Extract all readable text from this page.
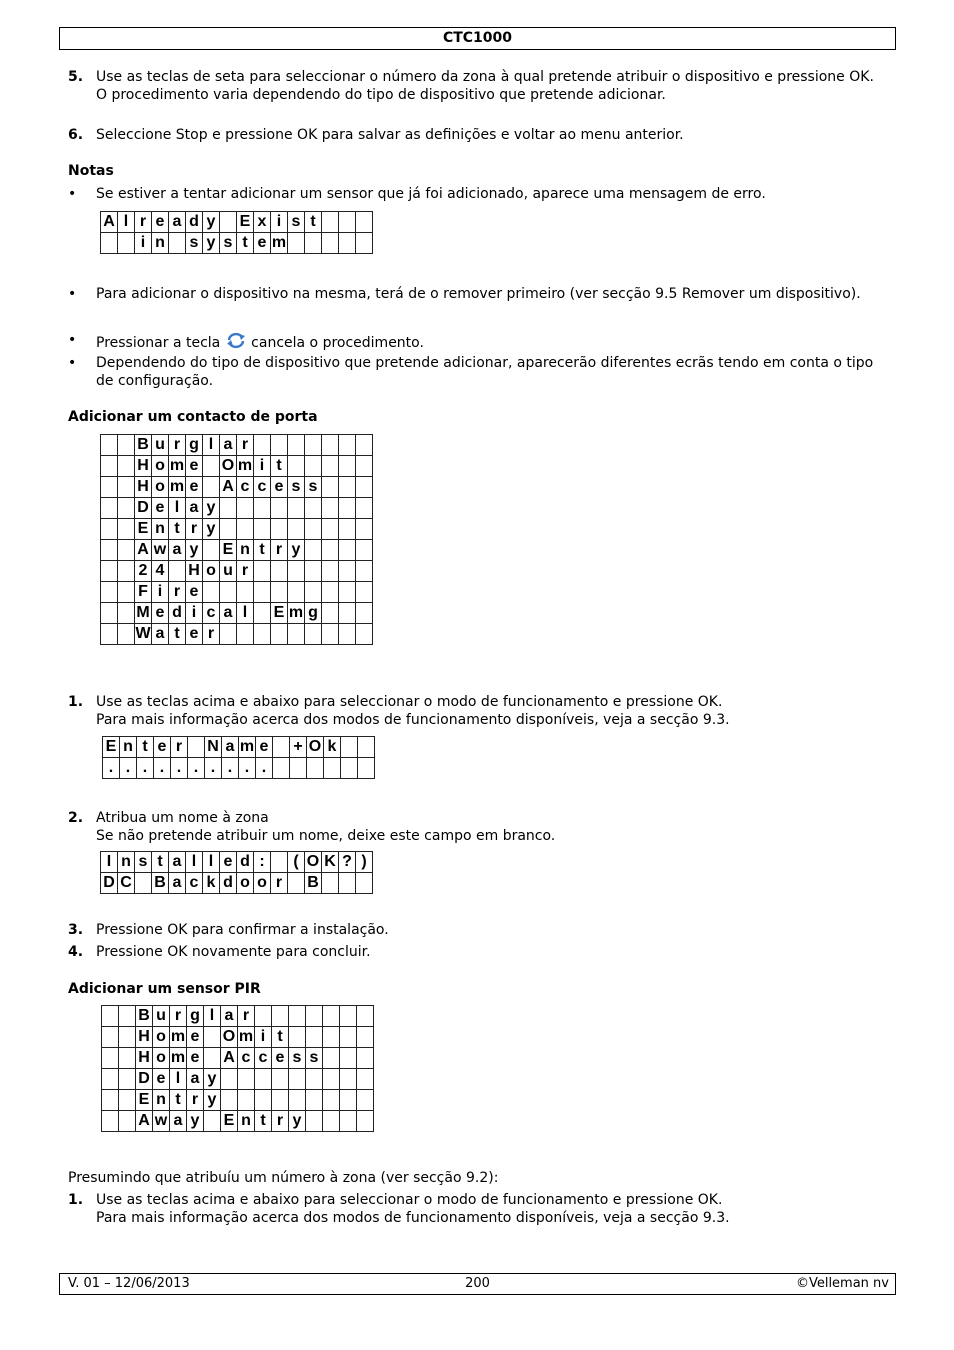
CTC1000
5. Use as teclas de seta para seleccionar o número da zona à qual pretende atribuir o dispositivo e pressione OK.
O procedimento varia dependendo do tipo de dispositivo que pretende adicionar.
6. Seleccione Stop e pressione OK para salvar as definições e voltar ao menu anterior.
Notas
• Se estiver a tentar adicionar um sensor que já foi adicionado, aparece uma mensagem de erro.
A	l	r	e	a	d	y		E	x	i	s	t			
		i	n		s	y	s	t	e	m					
• Para adicionar o dispositivo na mesma, terá de o remover primeiro (ver secção 9.5 Remover um dispositivo).
• Pressionar a tecla cancela o procedimento.
• Dependendo do tipo de dispositivo que pretende adicionar, aparecerão diferentes ecrãs tendo em conta o tipo de configuração.
Adicionar um contacto de porta
		B	u	r	g	l	a	r							
		H	o	m	e		O	m	i	t					
		H	o	m	e		A	c	c	e	s	s			
		D	e	l	a	y									
		E	n	t	r	y									
		A	w	a	y		E	n	t	r	y				
		2	4		H	o	u	r							
		F	i	r	e										
		M	e	d	i	c	a	l		E	m	g			
		W	a	t	e	r									
1. Use as teclas acima e abaixo para seleccionar o modo de funcionamento e pressione OK.
Para mais informação acerca dos modos de funcionamento disponíveis, veja a secção 9.3.
E	n	t	e	r		N	a	m	e		+	O	k		
.	.	.	.	.	.	.	.	.	.						
2. Atribua um nome à zona
Se não pretende atribuir um nome, deixe este campo em branco.
I	n	s	t	a	l	l	e	d	:		(	O	K	?	)
D	C		B	a	c	k	d	o	o	r		B			
3. Pressione OK para confirmar a instalação.
4. Pressione OK novamente para concluir.
Adicionar um sensor PIR
		B	u	r	g	l	a	r							
		H	o	m	e		O	m	i	t					
		H	o	m	e		A	c	c	e	s	s			
		D	e	l	a	y									
		E	n	t	r	y									
		A	w	a	y		E	n	t	r	y				
Presumindo que atribuíu um número à zona (ver secção 9.2):
1. Use as teclas acima e abaixo para seleccionar o modo de funcionamento e pressione OK.
Para mais informação acerca dos modos de funcionamento disponíveis, veja a secção 9.3.
V. 01 – 12/06/2013	200	©Velleman nv
